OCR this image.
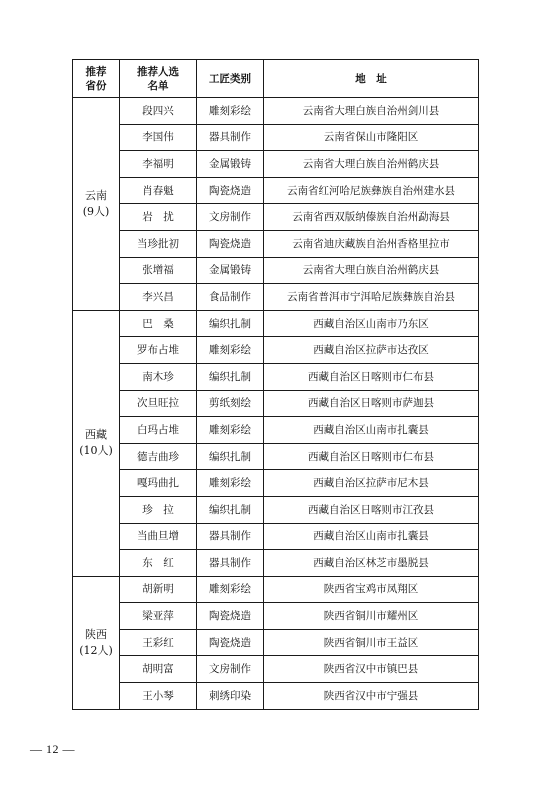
推荐
省份	推荐人选
名单	工匠类别	地　址

云南
(9人)	段四兴	雕刻彩绘	云南省大理白族自治州剑川县
	李国伟	器具制作	云南省保山市隆阳区
	李福明	金属锻铸	云南省大理白族自治州鹤庆县
	肖春魁	陶瓷烧造	云南省红河哈尼族彝族自治州建水县
	岩　扰	文房制作	云南省西双版纳傣族自治州勐海县
	当珍批初	陶瓷烧造	云南省迪庆藏族自治州香格里拉市
	张增福	金属锻铸	云南省大理白族自治州鹤庆县
	李兴昌	食品制作	云南省普洱市宁洱哈尼族彝族自治县

西藏
(10人)	巴　桑	编织扎制	西藏自治区山南市乃东区
	罗布占堆	雕刻彩绘	西藏自治区拉萨市达孜区
	南木珍	编织扎制	西藏自治区日喀则市仁布县
	次旦旺拉	剪纸刻绘	西藏自治区日喀则市萨迦县
	白玛占堆	雕刻彩绘	西藏自治区山南市扎囊县
	德吉曲珍	编织扎制	西藏自治区日喀则市仁布县
	嘎玛曲扎	雕刻彩绘	西藏自治区拉萨市尼木县
	珍　拉	编织扎制	西藏自治区日喀则市江孜县
	当曲旦增	器具制作	西藏自治区山南市扎囊县
	东　红	器具制作	西藏自治区林芝市墨脱县

陕西
(12人)	胡新明	雕刻彩绘	陕西省宝鸡市凤翔区
	梁亚萍	陶瓷烧造	陕西省铜川市耀州区
	王彩红	陶瓷烧造	陕西省铜川市王益区
	胡明富	文房制作	陕西省汉中市镇巴县
	王小琴	刺绣印染	陕西省汉中市宁强县
— 12 —
